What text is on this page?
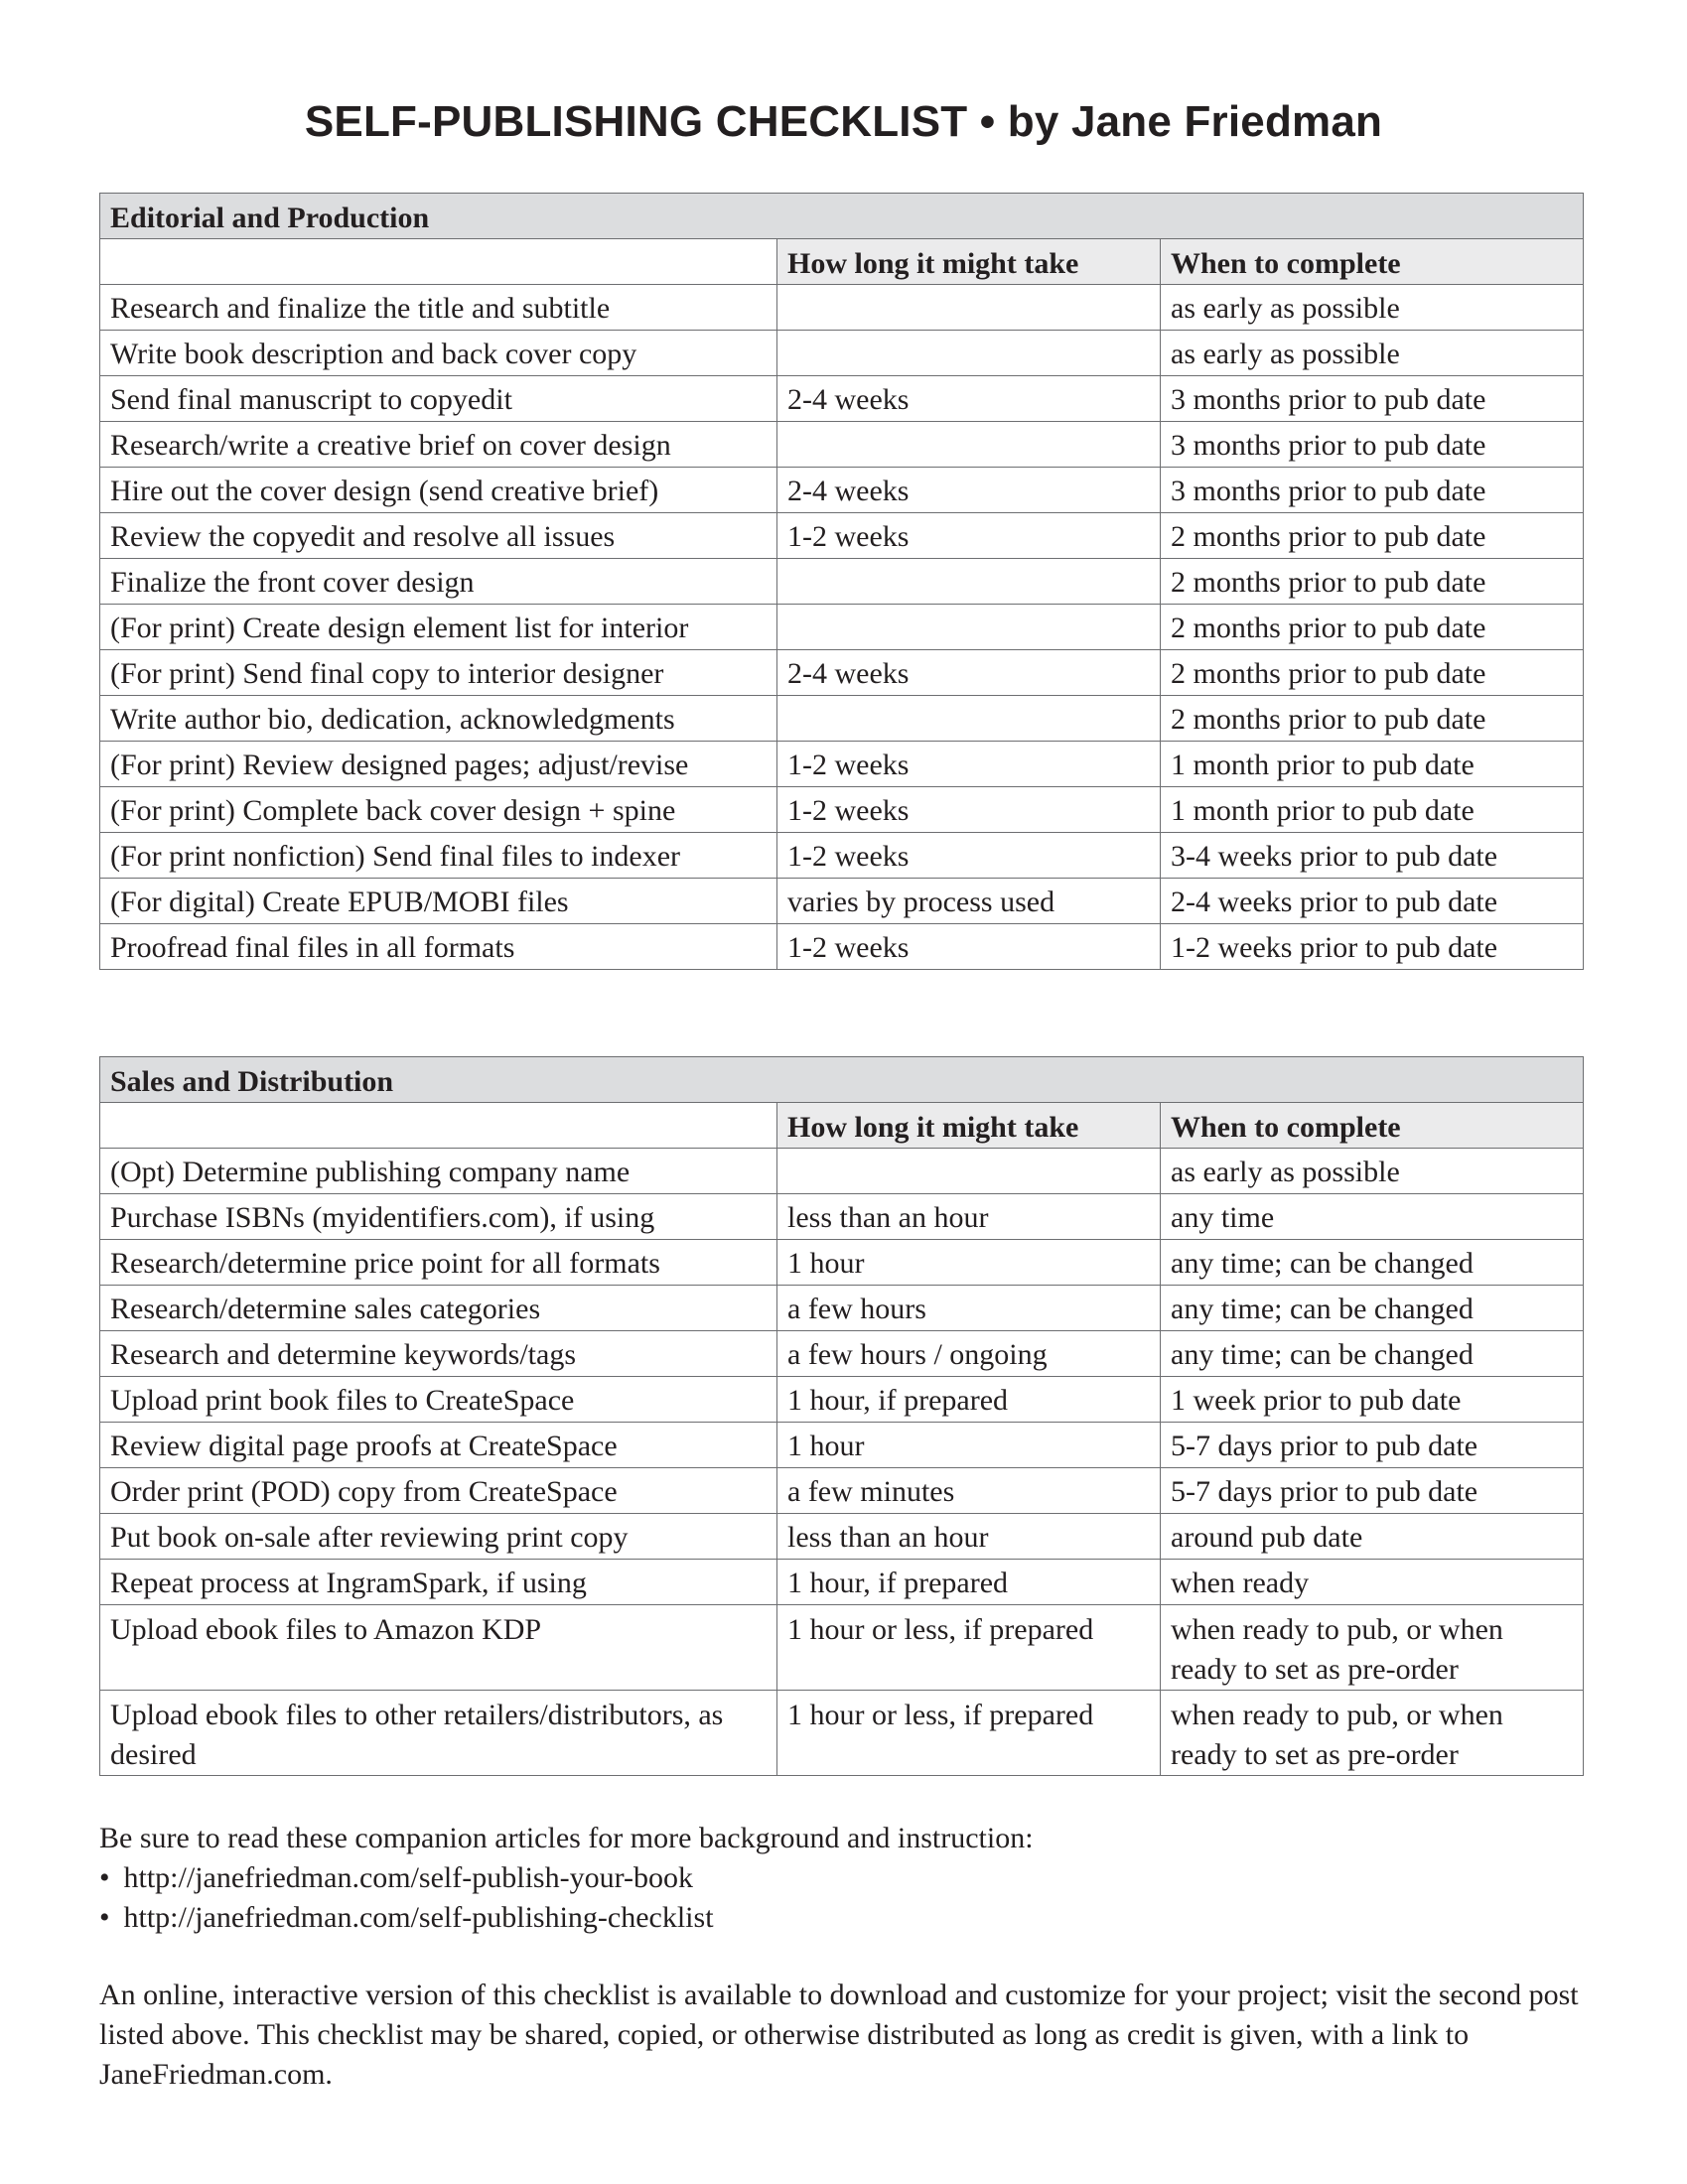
SELF-PUBLISHING CHECKLIST • by Jane Friedman
Editorial and Production		
	How long it might take	When to complete
Research and finalize the title and subtitle		as early as possible
Write book description and back cover copy		as early as possible
Send final manuscript to copyedit	2-4 weeks	3 months prior to pub date
Research/write a creative brief on cover design		3 months prior to pub date
Hire out the cover design (send creative brief)	2-4 weeks	3 months prior to pub date
Review the copyedit and resolve all issues	1-2 weeks	2 months prior to pub date
Finalize the front cover design		2 months prior to pub date
(For print) Create design element list for interior		2 months prior to pub date
(For print) Send final copy to interior designer	2-4 weeks	2 months prior to pub date
Write author bio, dedication, acknowledgments		2 months prior to pub date
(For print) Review designed pages; adjust/revise	1-2 weeks	1 month prior to pub date
(For print) Complete back cover design + spine	1-2 weeks	1 month prior to pub date
(For print nonfiction) Send final files to indexer	1-2 weeks	3-4 weeks prior to pub date
(For digital) Create EPUB/MOBI files	varies by process used	2-4 weeks prior to pub date
Proofread final files in all formats	1-2 weeks	1-2 weeks prior to pub date
Sales and Distribution		
	How long it might take	When to complete
(Opt) Determine publishing company name		as early as possible
Purchase ISBNs (myidentifiers.com), if using	less than an hour	any time
Research/determine price point for all formats	1 hour	any time; can be changed
Research/determine sales categories	a few hours	any time; can be changed
Research and determine keywords/tags	a few hours / ongoing	any time; can be changed
Upload print book files to CreateSpace	1 hour, if prepared	1 week prior to pub date
Review digital page proofs at CreateSpace	1 hour	5-7 days prior to pub date
Order print (POD) copy from CreateSpace	a few minutes	5-7 days prior to pub date
Put book on-sale after reviewing print copy	less than an hour	around pub date
Repeat process at IngramSpark, if using	1 hour, if prepared	when ready
Upload ebook files to Amazon KDP	1 hour or less, if prepared	when ready to pub, or when ready to set as pre-order
Upload ebook files to other retailers/distributors, as desired	1 hour or less, if prepared	when ready to pub, or when ready to set as pre-order

Be sure to read these companion articles for more background and instruction:

• http://janefriedman.com/self-publish-your-book
• http://janefriedman.com/self-publishing-checklist

An online, interactive version of this checklist is available to download and customize for your project; visit the second post listed above. This checklist may be shared, copied, or otherwise distributed as long as credit is given, with a link to JaneFriedman.com.
